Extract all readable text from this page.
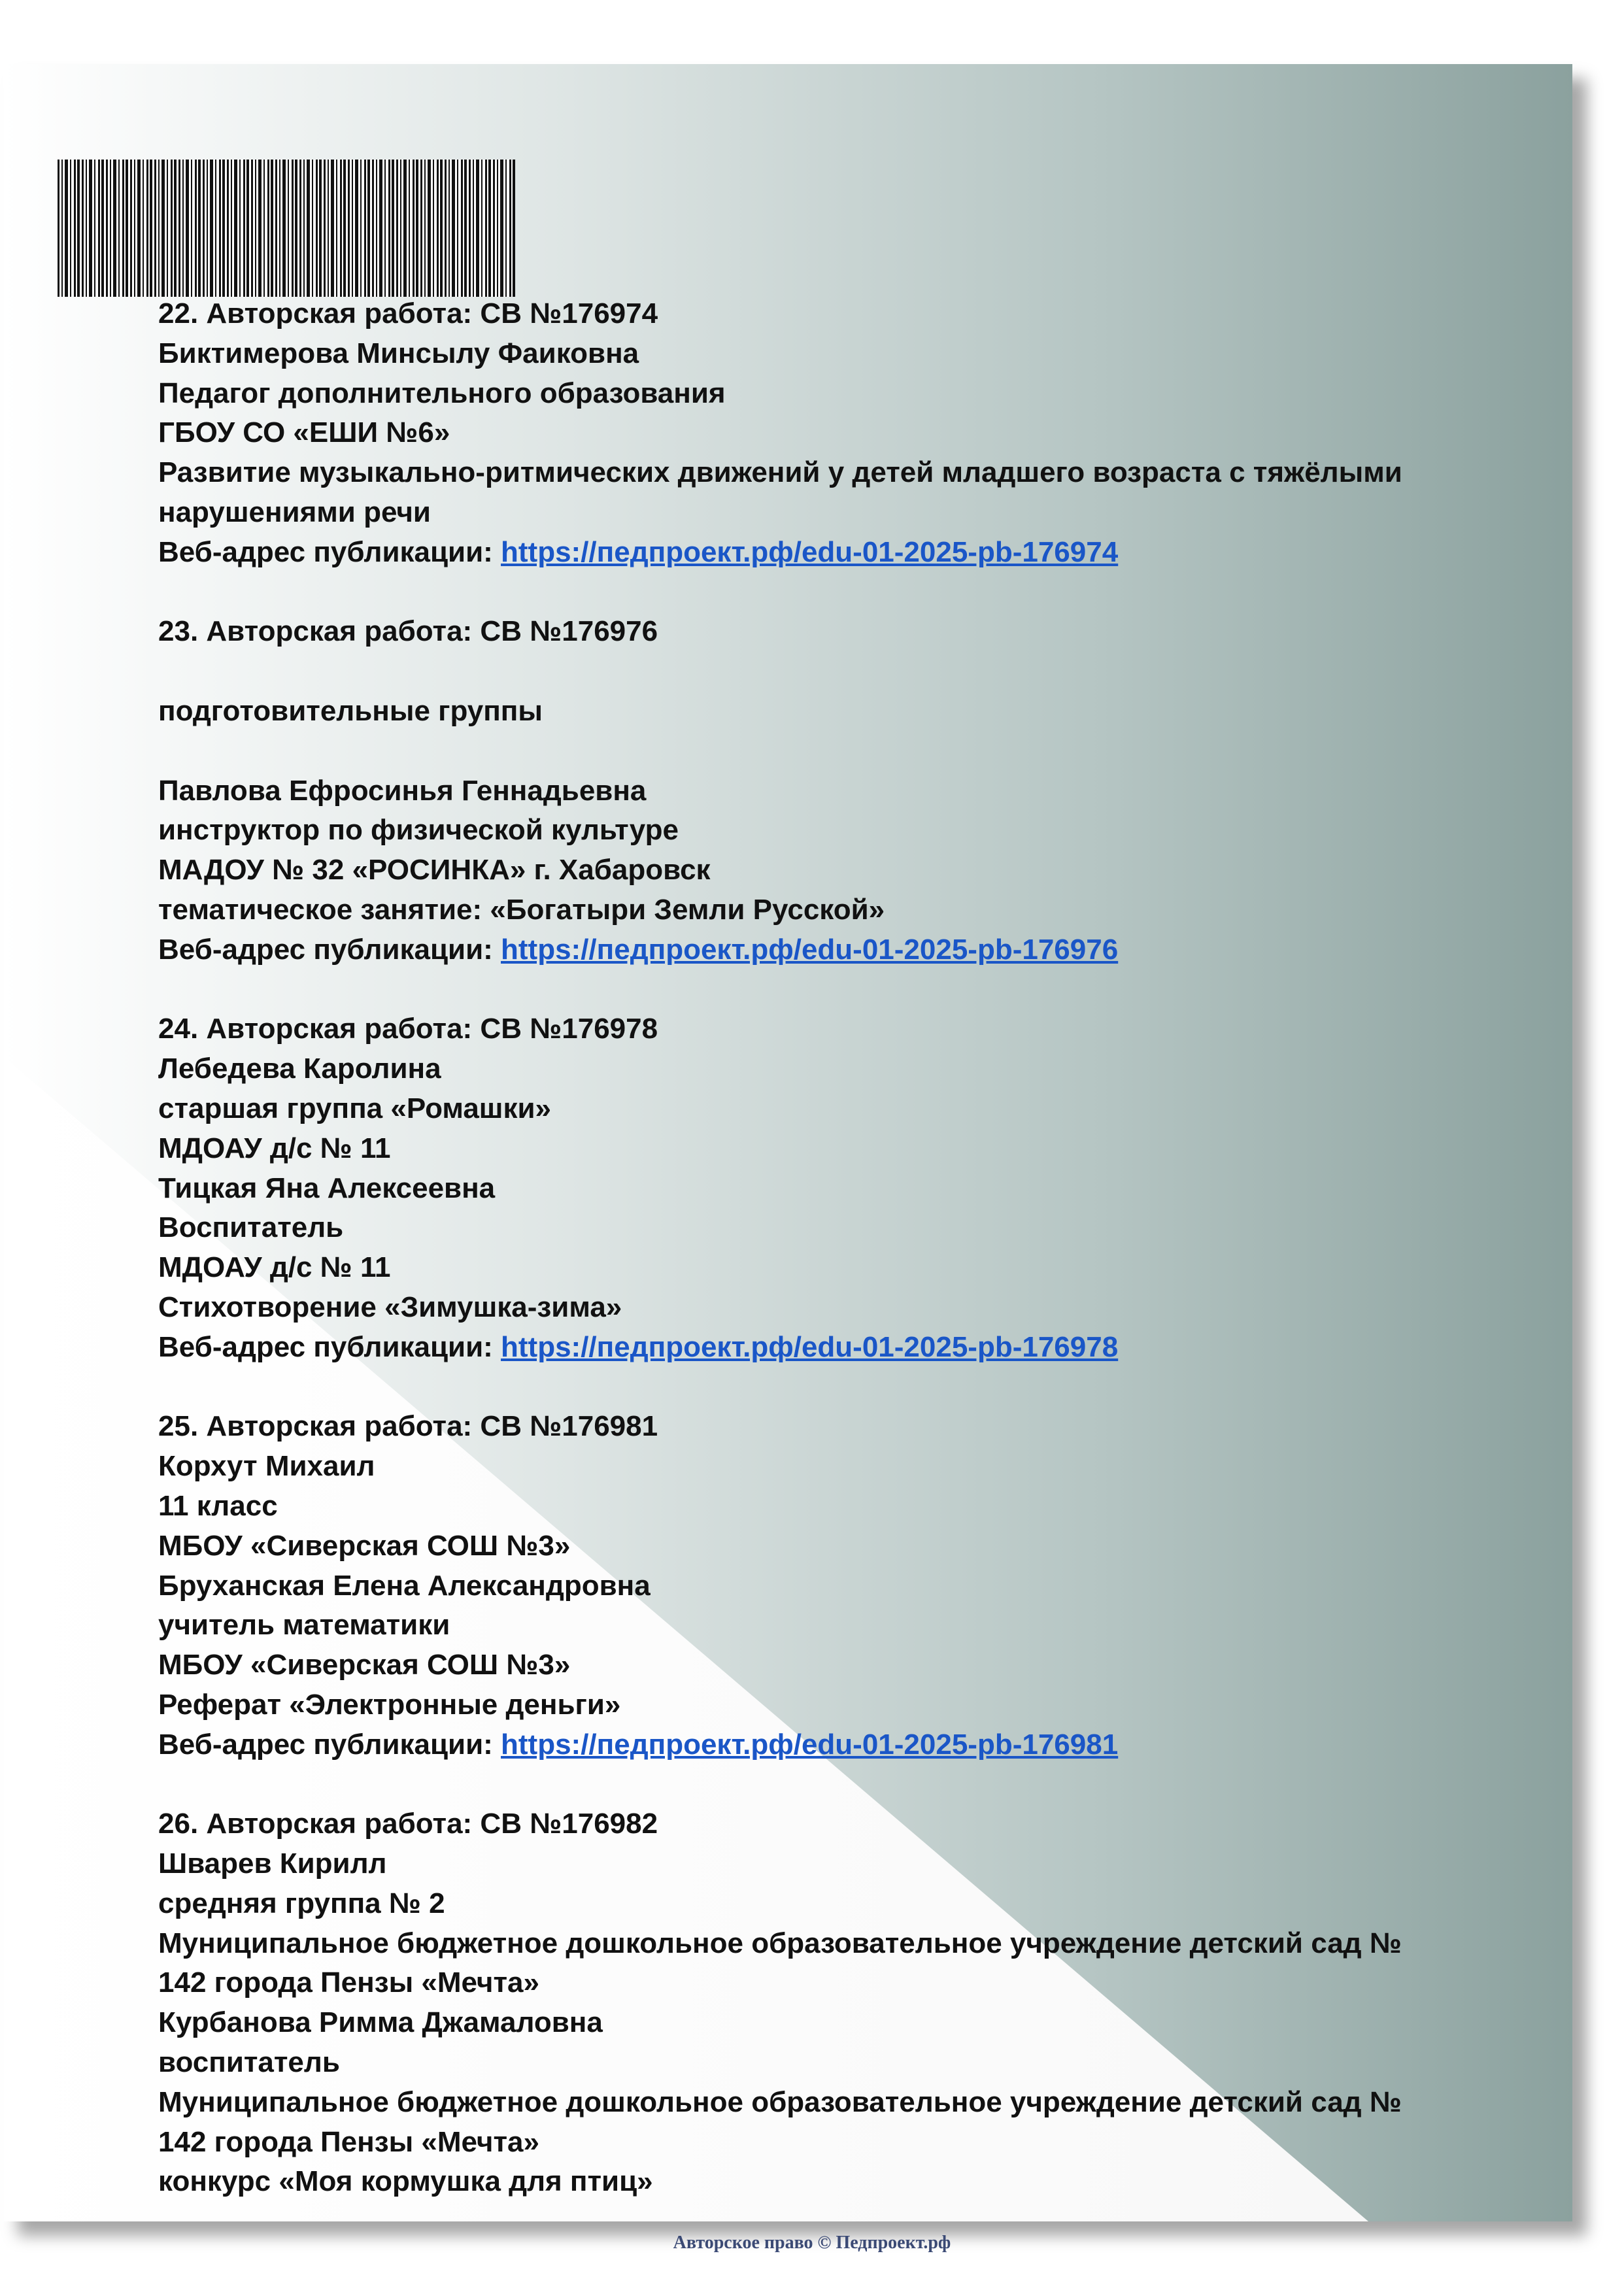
22. Авторская работа: СВ №176974
Биктимерова Минсылу Фаиковна
Педагог дополнительного образования
ГБОУ СО «ЕШИ №6»
Развитие музыкально-ритмических движений у детей младшего возраста с тяжёлыми
нарушениями речи
Веб-адрес публикации: https://педпроект.рф/edu-01-2025-pb-176974
23. Авторская работа: СВ №176976
подготовительные группы
Павлова Ефросинья Геннадьевна
инструктор по физической культуре
МАДОУ № 32 «РОСИНКА» г. Хабаровск
тематическое занятие: «Богатыри Земли Русской»
Веб-адрес публикации: https://педпроект.рф/edu-01-2025-pb-176976
24. Авторская работа: СВ №176978
Лебедева Каролина
старшая группа «Ромашки»
МДОАУ д/с № 11
Тицкая Яна Алексеевна
Воспитатель
МДОАУ д/с № 11
Стихотворение «Зимушка-зима»
Веб-адрес публикации: https://педпроект.рф/edu-01-2025-pb-176978
25. Авторская работа: СВ №176981
Корхут Михаил
11 класс
МБОУ «Сиверская СОШ №3»
Бруханская Елена Александровна
учитель математики
МБОУ «Сиверская СОШ №3»
Реферат «Электронные деньги»
Веб-адрес публикации: https://педпроект.рф/edu-01-2025-pb-176981
26. Авторская работа: СВ №176982
Шварев Кирилл
средняя группа № 2
Муниципальное бюджетное дошкольное образовательное учреждение детский сад №
142 города Пензы «Мечта»
Курбанова Римма Джамаловна
воспитатель
Муниципальное бюджетное дошкольное образовательное учреждение детский сад №
142 города Пензы «Мечта»
конкурс «Моя кормушка для птиц»
Авторское право © Педпроект.рф
